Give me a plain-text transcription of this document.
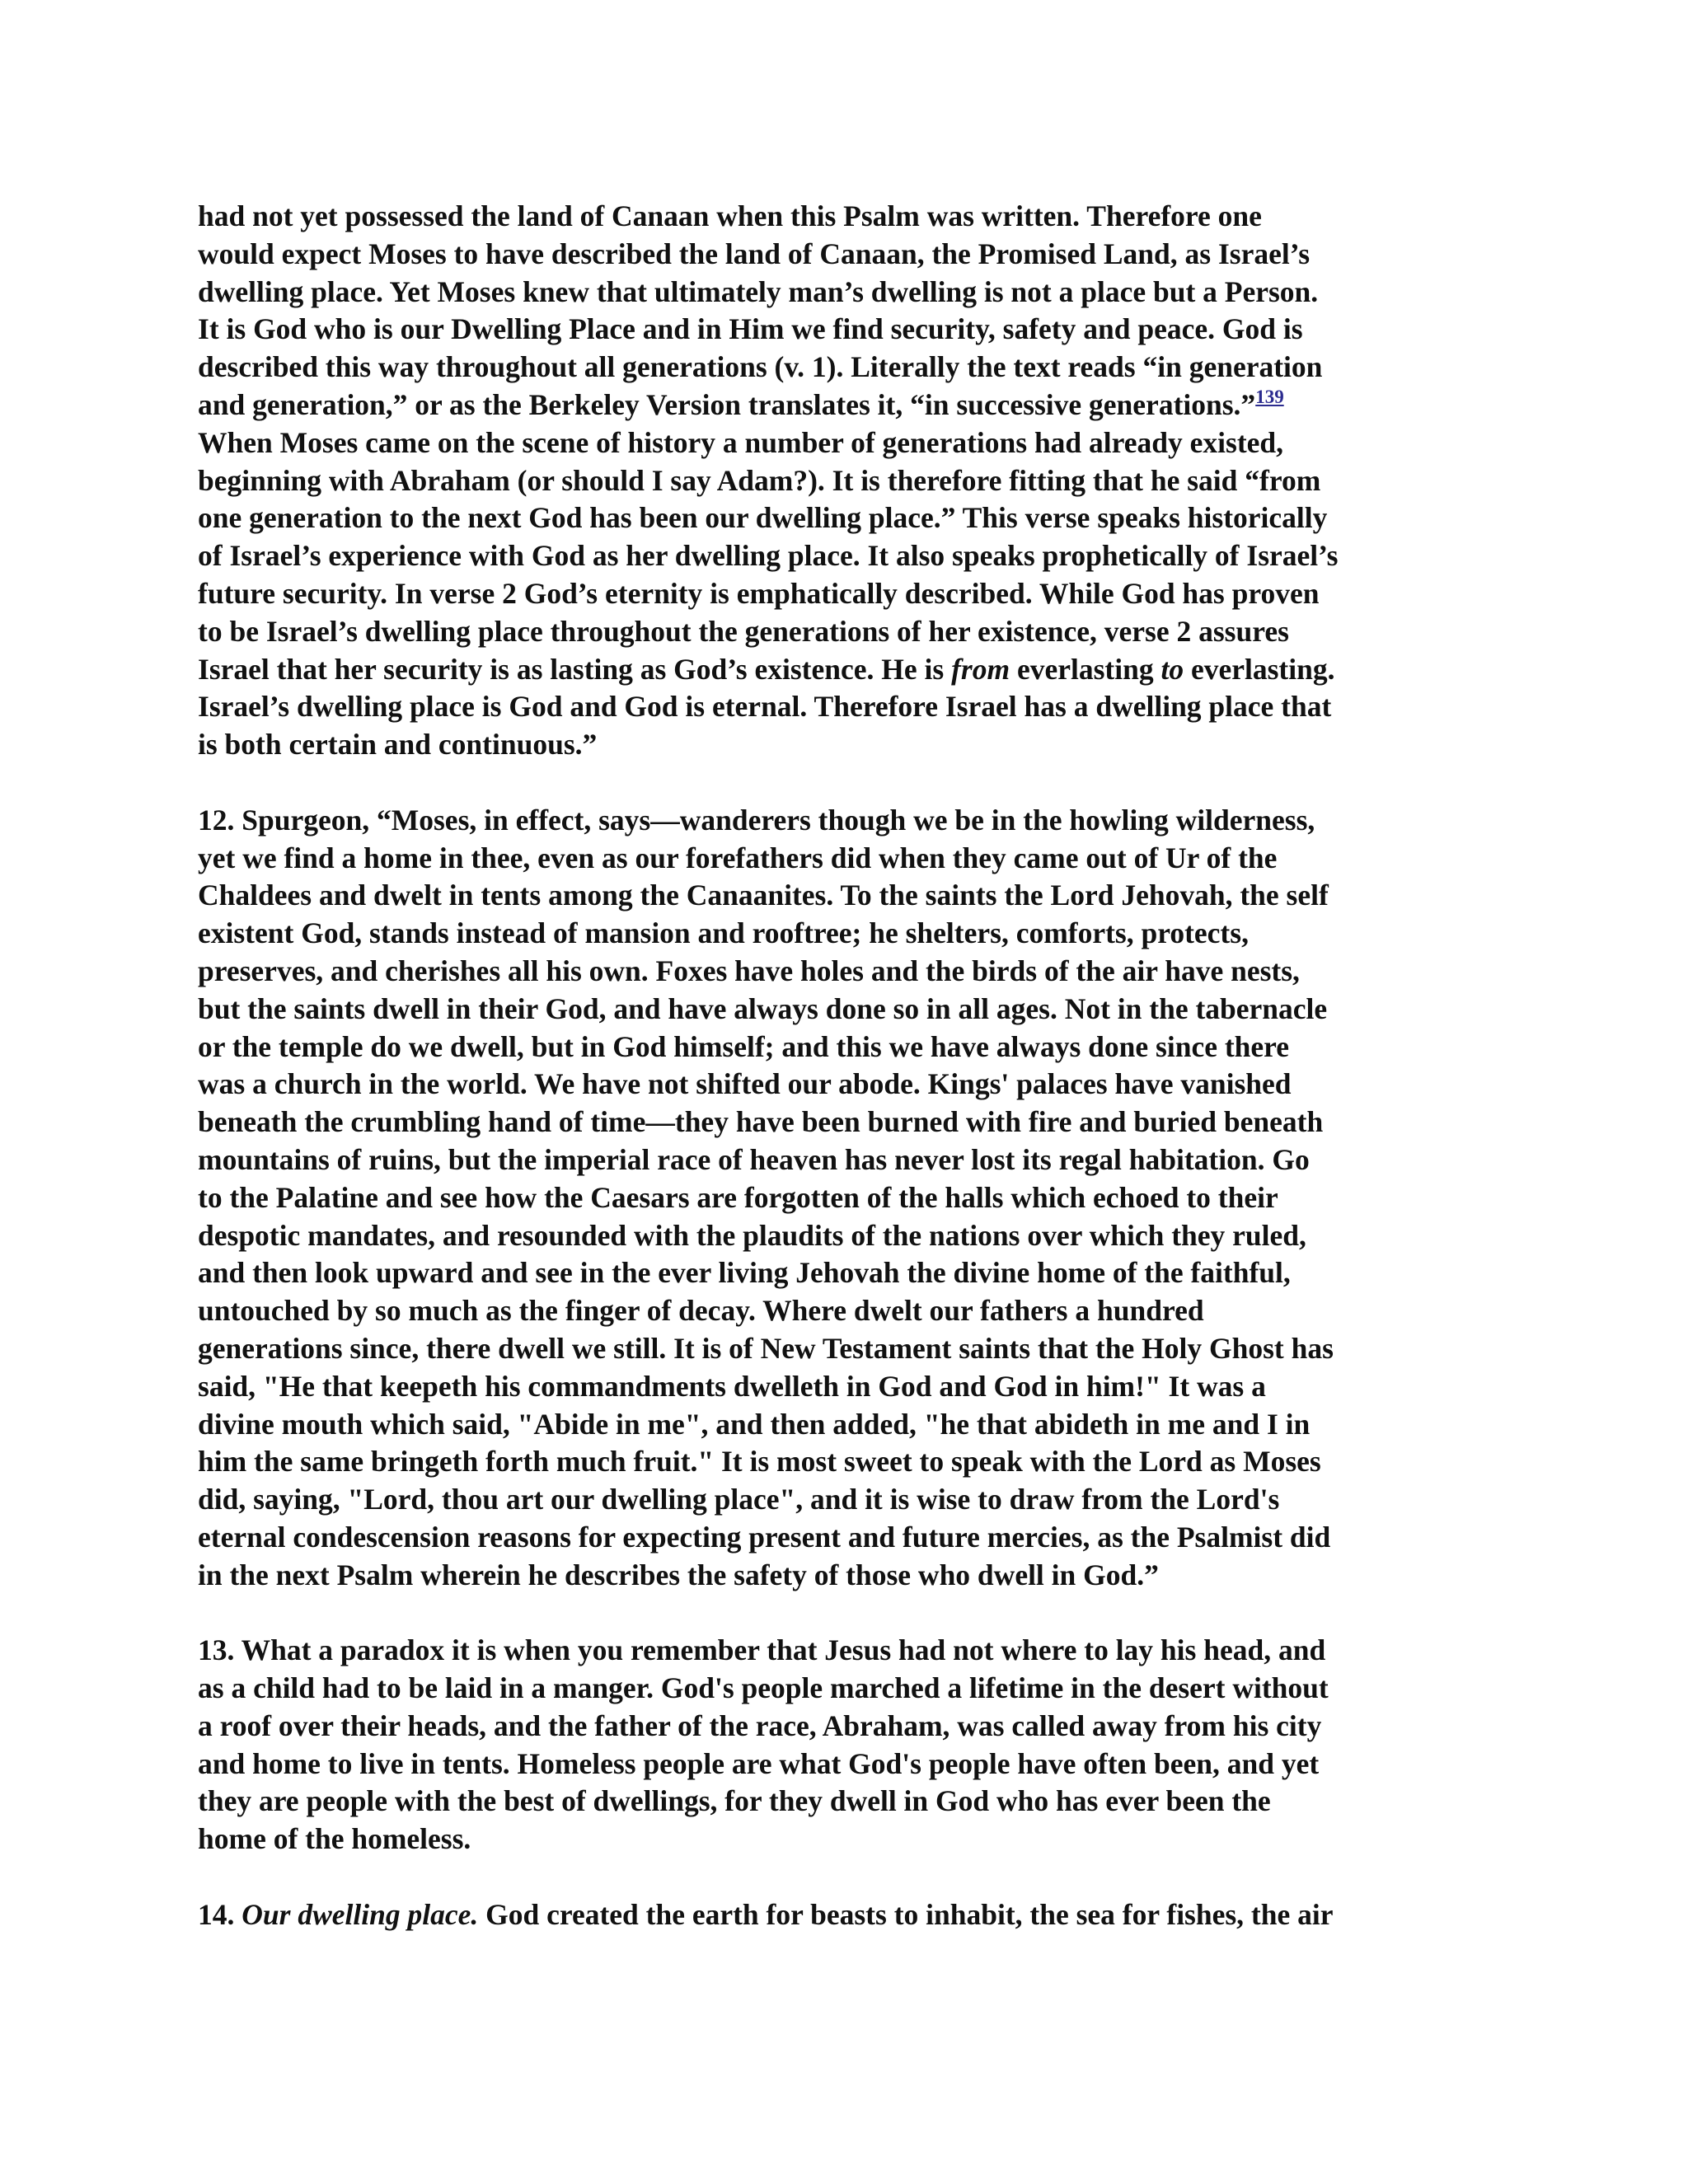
had not yet possessed the land of Canaan when this Psalm was written. Therefore one
would expect Moses to have described the land of Canaan, the Promised Land, as Israel’s
dwelling place. Yet Moses knew that ultimately man’s dwelling is not a place but a Person.
It is God who is our Dwelling Place and in Him we find security, safety and peace. God is
described this way throughout all generations (v. 1). Literally the text reads “in generation
and generation,” or as the Berkeley Version translates it, “in successive generations.”$^{139}$
When Moses came on the scene of history a number of generations had already existed,
beginning with Abraham (or should I say Adam?). It is therefore fitting that he said “from
one generation to the next God has been our dwelling place.” This verse speaks historically
of Israel’s experience with God as her dwelling place. It also speaks prophetically of Israel’s
future security. In verse 2 God’s eternity is emphatically described. While God has proven
to be Israel’s dwelling place throughout the generations of her existence, verse 2 assures
Israel that her security is as lasting as God’s existence. He is from everlasting to everlasting.
Israel’s dwelling place is God and God is eternal. Therefore Israel has a dwelling place that
is both certain and continuous.”
12. Spurgeon, “Moses, in effect, says—wanderers though we be in the howling wilderness,
yet we find a home in thee, even as our forefathers did when they came out of Ur of the
Chaldees and dwelt in tents among the Canaanites. To the saints the Lord Jehovah, the self
existent God, stands instead of mansion and rooftree; he shelters, comforts, protects,
preserves, and cherishes all his own. Foxes have holes and the birds of the air have nests,
but the saints dwell in their God, and have always done so in all ages. Not in the tabernacle
or the temple do we dwell, but in God himself; and this we have always done since there
was a church in the world. We have not shifted our abode. Kings' palaces have vanished
beneath the crumbling hand of time—they have been burned with fire and buried beneath
mountains of ruins, but the imperial race of heaven has never lost its regal habitation. Go
to the Palatine and see how the Caesars are forgotten of the halls which echoed to their
despotic mandates, and resounded with the plaudits of the nations over which they ruled,
and then look upward and see in the ever living Jehovah the divine home of the faithful,
untouched by so much as the finger of decay. Where dwelt our fathers a hundred
generations since, there dwell we still. It is of New Testament saints that the Holy Ghost has
said, "He that keepeth his commandments dwelleth in God and God in him!" It was a
divine mouth which said, "Abide in me", and then added, "he that abideth in me and I in
him the same bringeth forth much fruit." It is most sweet to speak with the Lord as Moses
did, saying, "Lord, thou art our dwelling place", and it is wise to draw from the Lord's
eternal condescension reasons for expecting present and future mercies, as the Psalmist did
in the next Psalm wherein he describes the safety of those who dwell in God.”
13. What a paradox it is when you remember that Jesus had not where to lay his head, and
as a child had to be laid in a manger. God's people marched a lifetime in the desert without
a roof over their heads, and the father of the race, Abraham, was called away from his city
and home to live in tents. Homeless people are what God's people have often been, and yet
they are people with the best of dwellings, for they dwell in God who has ever been the
home of the homeless.
14. Our dwelling place. God created the earth for beasts to inhabit, the sea for fishes, the air
